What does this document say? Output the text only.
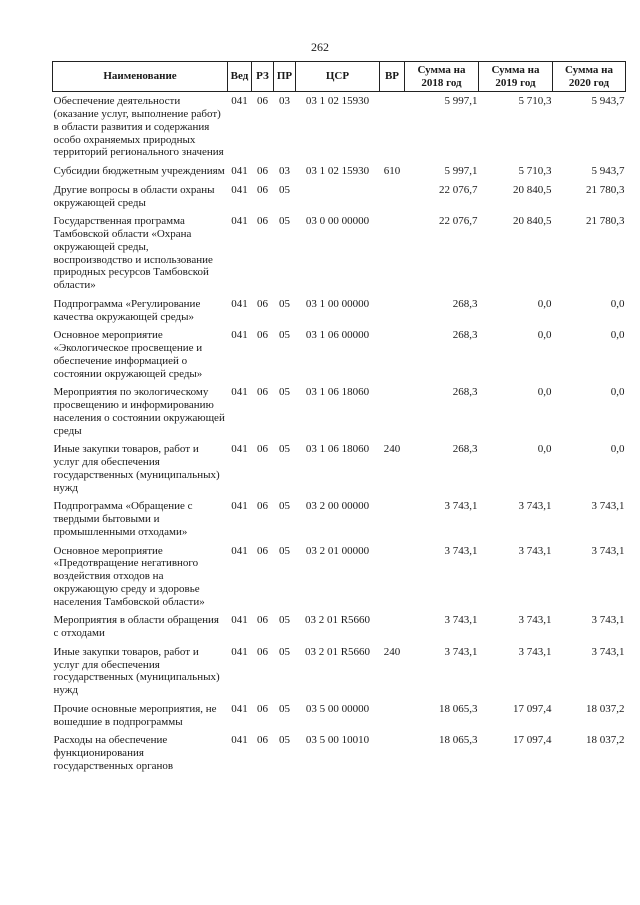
262
Наименование	Вед	РЗ	ПР	ЦСР	ВР	Сумма на 2018 год	Сумма на 2019 год	Сумма на 2020 год
Обеспечение деятельности (оказание услуг, выполнение работ) в области развития и содержания особо охраняемых природных территорий регионального значения	041	06	03	03 1 02 15930		5 997,1	5 710,3	5 943,7
Субсидии бюджетным учреждениям	041	06	03	03 1 02 15930	610	5 997,1	5 710,3	5 943,7
Другие вопросы в области охраны окружающей среды	041	06	05			22 076,7	20 840,5	21 780,3
Государственная программа Тамбовской области «Охрана окружающей среды, воспроизводство и использование природных ресурсов Тамбовской области»	041	06	05	03 0 00 00000		22 076,7	20 840,5	21 780,3
Подпрограмма «Регулирование качества окружающей среды»	041	06	05	03 1 00 00000		268,3	0,0	0,0
Основное мероприятие «Экологическое просвещение и обеспечение информацией о состоянии окружающей среды»	041	06	05	03 1 06 00000		268,3	0,0	0,0
Мероприятия по экологическому просвещению и информированию населения о состоянии окружающей среды	041	06	05	03 1 06 18060		268,3	0,0	0,0
Иные закупки товаров, работ и услуг для обеспечения государственных (муниципальных) нужд	041	06	05	03 1 06 18060	240	268,3	0,0	0,0
Подпрограмма «Обращение с твердыми бытовыми и промышленными отходами»	041	06	05	03 2 00 00000		3 743,1	3 743,1	3 743,1
Основное мероприятие «Предотвращение негативного воздействия отходов на окружающую среду и здоровье населения Тамбовской области»	041	06	05	03 2 01 00000		3 743,1	3 743,1	3 743,1
Мероприятия в области обращения с отходами	041	06	05	03 2 01 R5660		3 743,1	3 743,1	3 743,1
Иные закупки товаров, работ и услуг для обеспечения государственных (муниципальных) нужд	041	06	05	03 2 01 R5660	240	3 743,1	3 743,1	3 743,1
Прочие основные мероприятия, не вошедшие в подпрограммы	041	06	05	03 5 00 00000		18 065,3	17 097,4	18 037,2
Расходы на обеспечение функционирования государственных органов	041	06	05	03 5 00 10010		18 065,3	17 097,4	18 037,2
